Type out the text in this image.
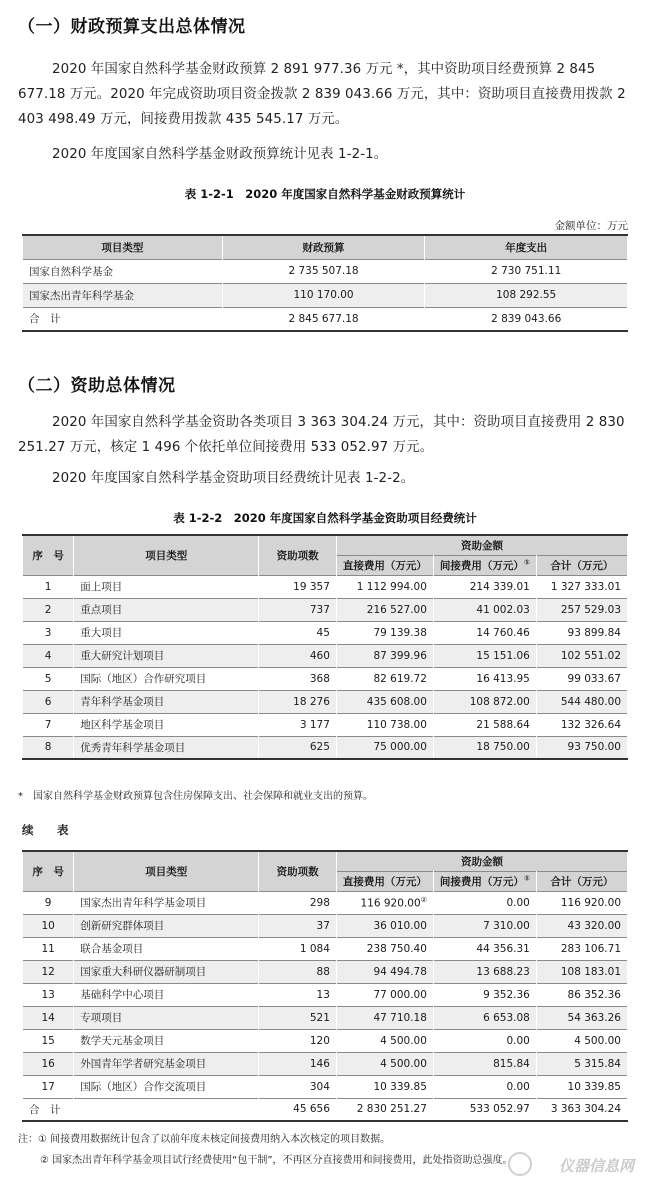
（一）财政预算支出总体情况
2020 年国家自然科学基金财政预算 2 891 977.36 万元 *，其中资助项目经费预算 2 845 677.18 万元。2020 年完成资助项目资金拨款 2 839 043.66 万元，其中：资助项目直接费用拨款 2 403 498.49 万元，间接费用拨款 435 545.17 万元。
2020 年度国家自然科学基金财政预算统计见表 1-2-1。
表 1-2-1　2020 年度国家自然科学基金财政预算统计
金额单位：万元
项目类型	财政预算	年度支出
国家自然科学基金	2 735 507.18	2 730 751.11
国家杰出青年科学基金	110 170.00	108 292.55
合　计	2 845 677.18	2 839 043.66
（二）资助总体情况
2020 年国家自然科学基金资助各类项目 3 363 304.24 万元，其中：资助项目直接费用 2 830 251.27 万元，核定 1 496 个依托单位间接费用 533 052.97 万元。
2020 年度国家自然科学基金资助项目经费统计见表 1-2-2。
表 1-2-2　2020 年度国家自然科学基金资助项目经费统计
序　号	项目类型	资助项数	资助金额		
			直接费用（万元）	间接费用（万元）①	合计（万元）
1	面上项目	19 357	1 112 994.00	214 339.01	1 327 333.01
2	重点项目	737	216 527.00	41 002.03	257 529.03
3	重大项目	45	79 139.38	14 760.46	93 899.84
4	重大研究计划项目	460	87 399.96	15 151.06	102 551.02
5	国际（地区）合作研究项目	368	82 619.72	16 413.95	99 033.67
6	青年科学基金项目	18 276	435 608.00	108 872.00	544 480.00
7	地区科学基金项目	3 177	110 738.00	21 588.64	132 326.64
8	优秀青年科学基金项目	625	75 000.00	18 750.00	93 750.00
*　国家自然科学基金财政预算包含住房保障支出、社会保障和就业支出的预算。
续　表
序　号	项目类型	资助项数	资助金额		
			直接费用（万元）	间接费用（万元）①	合计（万元）
9	国家杰出青年科学基金项目	298	116 920.00②	0.00	116 920.00
10	创新研究群体项目	37	36 010.00	7 310.00	43 320.00
11	联合基金项目	1 084	238 750.40	44 356.31	283 106.71
12	国家重大科研仪器研制项目	88	94 494.78	13 688.23	108 183.01
13	基础科学中心项目	13	77 000.00	9 352.36	86 352.36
14	专项项目	521	47 710.18	6 653.08	54 363.26
15	数学天元基金项目	120	4 500.00	0.00	4 500.00
16	外国青年学者研究基金项目	146	4 500.00	815.84	5 315.84
17	国际（地区）合作交流项目	304	10 339.85	0.00	10 339.85
合　计		45 656	2 830 251.27	533 052.97	3 363 304.24
注：① 间接费用数据统计包含了以前年度未核定间接费用纳入本次核定的项目数据。
② 国家杰出青年科学基金项目试行经费使用“包干制”，不再区分直接费用和间接费用，此处指资助总强度。	仪器信息网
